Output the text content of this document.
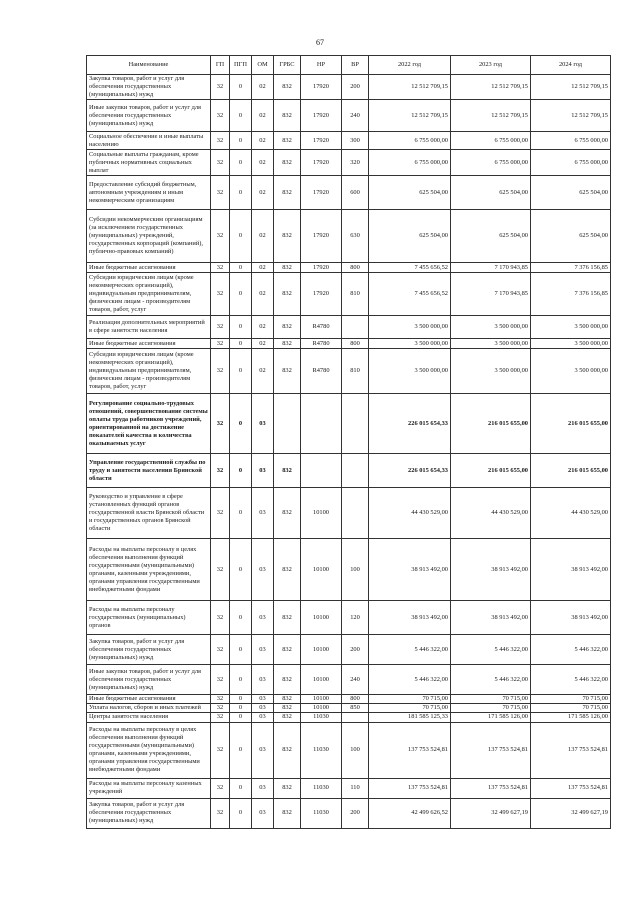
67
Наименование	ГП	ПГП	ОМ	ГРБС	НР	ВР	2022 год	2023 год	2024 год
Закупка товаров, работ и услуг для обеспечения государственных (муниципальных) нужд	32	0	02	832	17920	200	12 512 709,15	12 512 709,15	12 512 709,15
Иные закупки товаров, работ и услуг для обеспечения государственных (муниципальных) нужд	32	0	02	832	17920	240	12 512 709,15	12 512 709,15	12 512 709,15
Социальное обеспечение и иные выплаты населению	32	0	02	832	17920	300	6 755 000,00	6 755 000,00	6 755 000,00
Социальные выплаты гражданам, кроме публичных нормативных социальных выплат	32	0	02	832	17920	320	6 755 000,00	6 755 000,00	6 755 000,00
Предоставление субсидий бюджетным, автономным учреждениям и иным некоммерческим организациям	32	0	02	832	17920	600	625 504,00	625 504,00	625 504,00
Субсидии некоммерческим организациям (за исключением государственных (муниципальных) учреждений, государственных корпораций (компаний), публично-правовых компаний)	32	0	02	832	17920	630	625 504,00	625 504,00	625 504,00
Иные бюджетные ассигнования	32	0	02	832	17920	800	7 455 656,52	7 170 943,85	7 376 156,85
Субсидии юридическим лицам (кроме некоммерческих организаций), индивидуальным предпринимателям, физическим лицам - производителям товаров, работ, услуг	32	0	02	832	17920	810	7 455 656,52	7 170 943,85	7 376 156,85
Реализация дополнительных мероприятий в сфере занятости населения	32	0	02	832	R4780		3 500 000,00	3 500 000,00	3 500 000,00
Иные бюджетные ассигнования	32	0	02	832	R4780	800	3 500 000,00	3 500 000,00	3 500 000,00
Субсидии юридическим лицам (кроме некоммерческих организаций), индивидуальным предпринимателям, физическим лицам - производителям товаров, работ, услуг	32	0	02	832	R4780	810	3 500 000,00	3 500 000,00	3 500 000,00
Регулирование социально-трудовых отношений, совершенствование системы оплаты труда работников учреждений, ориентированной на достижение показателей качества и количества оказываемых услуг	32	0	03				226 015 654,33	216 015 655,00	216 015 655,00
Управление государственной службы по труду и занятости населения Брянской области	32	0	03	832			226 015 654,33	216 015 655,00	216 015 655,00
Руководство и управление в сфере установленных функций органов государственной власти Брянской области и государственных органов Брянской области	32	0	03	832	10100		44 430 529,00	44 430 529,00	44 430 529,00
Расходы на выплаты персоналу в целях обеспечения выполнения функций государственными (муниципальными) органами, казенными учреждениями, органами управления государственными внебюджетными фондами	32	0	03	832	10100	100	38 913 492,00	38 913 492,00	38 913 492,00
Расходы на выплаты персоналу государственных (муниципальных) органов	32	0	03	832	10100	120	38 913 492,00	38 913 492,00	38 913 492,00
Закупка товаров, работ и услуг для обеспечения государственных (муниципальных) нужд	32	0	03	832	10100	200	5 446 322,00	5 446 322,00	5 446 322,00
Иные закупки товаров, работ и услуг для обеспечения государственных (муниципальных) нужд	32	0	03	832	10100	240	5 446 322,00	5 446 322,00	5 446 322,00
Иные бюджетные ассигнования	32	0	03	832	10100	800	70 715,00	70 715,00	70 715,00
Уплата налогов, сборов и иных платежей	32	0	03	832	10100	850	70 715,00	70 715,00	70 715,00
Центры занятости населения	32	0	03	832	11030		181 585 125,33	171 585 126,00	171 585 126,00
Расходы на выплаты персоналу в целях обеспечения выполнения функций государственными (муниципальными) органами, казенными учреждениями, органами управления государственными внебюджетными фондами	32	0	03	832	11030	100	137 753 524,81	137 753 524,81	137 753 524,81
Расходы на выплаты персоналу казенных учреждений	32	0	03	832	11030	110	137 753 524,81	137 753 524,81	137 753 524,81
Закупка товаров, работ и услуг для обеспечения государственных (муниципальных) нужд	32	0	03	832	11030	200	42 499 626,52	32 499 627,19	32 499 627,19
